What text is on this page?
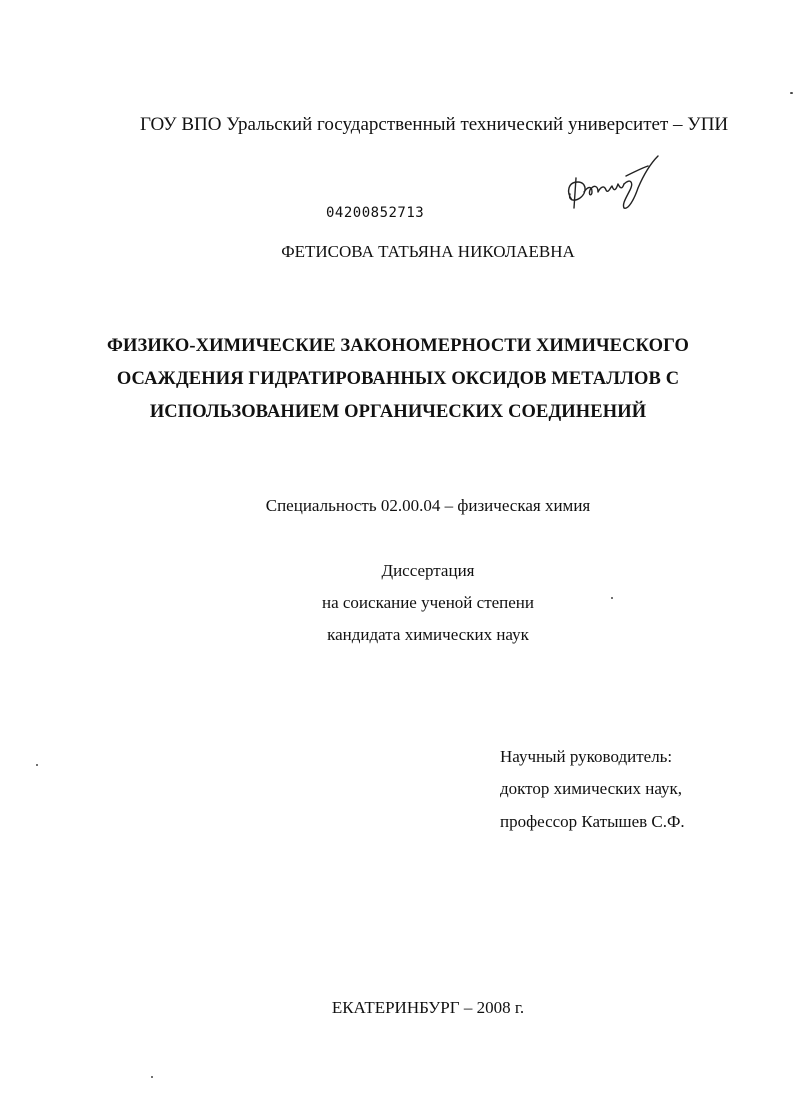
ГОУ ВПО Уральский государственный технический университет – УПИ
04200852713
ФЕТИСОВА ТАТЬЯНА НИКОЛАЕВНА
ФИЗИКО-ХИМИЧЕСКИЕ ЗАКОНОМЕРНОСТИ ХИМИЧЕСКОГО
ОСАЖДЕНИЯ ГИДРАТИРОВАННЫХ ОКСИДОВ МЕТАЛЛОВ С
ИСПОЛЬЗОВАНИЕМ ОРГАНИЧЕСКИХ СОЕДИНЕНИЙ
Специальность 02.00.04 – физическая химия
Диссертация
на соискание ученой степени
кандидата химических наук
Научный руководитель:
доктор химических наук,
профессор Катышев С.Ф.
ЕКАТЕРИНБУРГ – 2008 г.
